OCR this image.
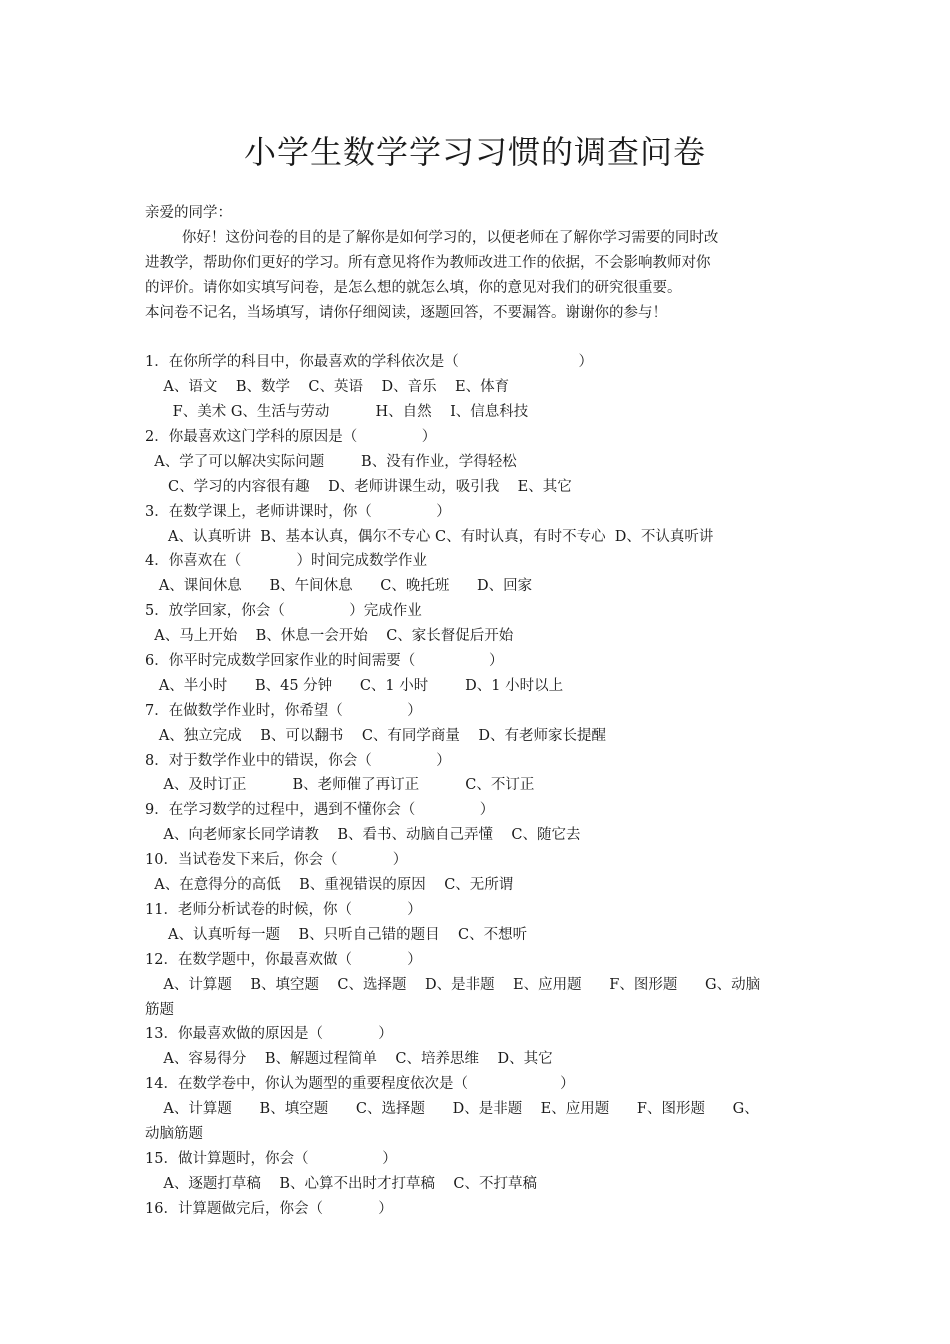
小学生数学学习习惯的调查问卷
亲爱的同学：
你好！这份问卷的目的是了解你是如何学习的，以便老师在了解你学习需要的同时改
进教学，帮助你们更好的学习。所有意见将作为教师改进工作的依据，不会影响教师对你
的评价。请你如实填写问卷，是怎么想的就怎么填，你的意见对我们的研究很重要。
本问卷不记名，当场填写，请你仔细阅读，逐题回答，不要漏答。谢谢你的参与！
1．在你所学的科目中，你最喜欢的学科依次是（                          ）
A、语文    B、数学    C、英语    D、音乐    E、体育
F、美术 G、生活与劳动          H、自然    I、信息科技
2．你最喜欢这门学科的原因是（              ）
A、学了可以解决实际问题        B、没有作业，学得轻松
C、学习的内容很有趣    D、老师讲课生动，吸引我    E、其它
3．在数学课上，老师讲课时，你（              ）
A、认真听讲  B、基本认真，偶尔不专心 C、有时认真，有时不专心  D、不认真听讲
4．你喜欢在（            ）时间完成数学作业
A、课间休息      B、午间休息      C、晚托班      D、回家
5．放学回家，你会（              ）完成作业
A、马上开始    B、休息一会开始    C、家长督促后开始
6．你平时完成数学回家作业的时间需要（                ）
A、半小时      B、45 分钟      C、1 小时        D、1 小时以上
7．在做数学作业时，你希望（              ）
A、独立完成    B、可以翻书    C、有同学商量    D、有老师家长提醒
8．对于数学作业中的错误，你会（              ）
A、及时订正          B、老师催了再订正          C、不订正
9．在学习数学的过程中，遇到不懂你会（              ）
A、向老师家长同学请教    B、看书、动脑自己弄懂    C、随它去
10．当试卷发下来后，你会（            ）
A、在意得分的高低    B、重视错误的原因    C、无所谓
11．老师分析试卷的时候，你（            ）
A、认真听每一题    B、只听自己错的题目    C、不想听
12．在数学题中，你最喜欢做（            ）
A、计算题    B、填空题    C、选择题    D、是非题    E、应用题      F、图形题      G、动脑
筋题
13．你最喜欢做的原因是（            ）
A、容易得分    B、解题过程简单    C、培养思维    D、其它
14．在数学卷中，你认为题型的重要程度依次是（                    ）
A、计算题      B、填空题      C、选择题      D、是非题    E、应用题      F、图形题      G、
动脑筋题
15．做计算题时，你会（                ）
A、逐题打草稿    B、心算不出时才打草稿    C、不打草稿
16．计算题做完后，你会（            ）
